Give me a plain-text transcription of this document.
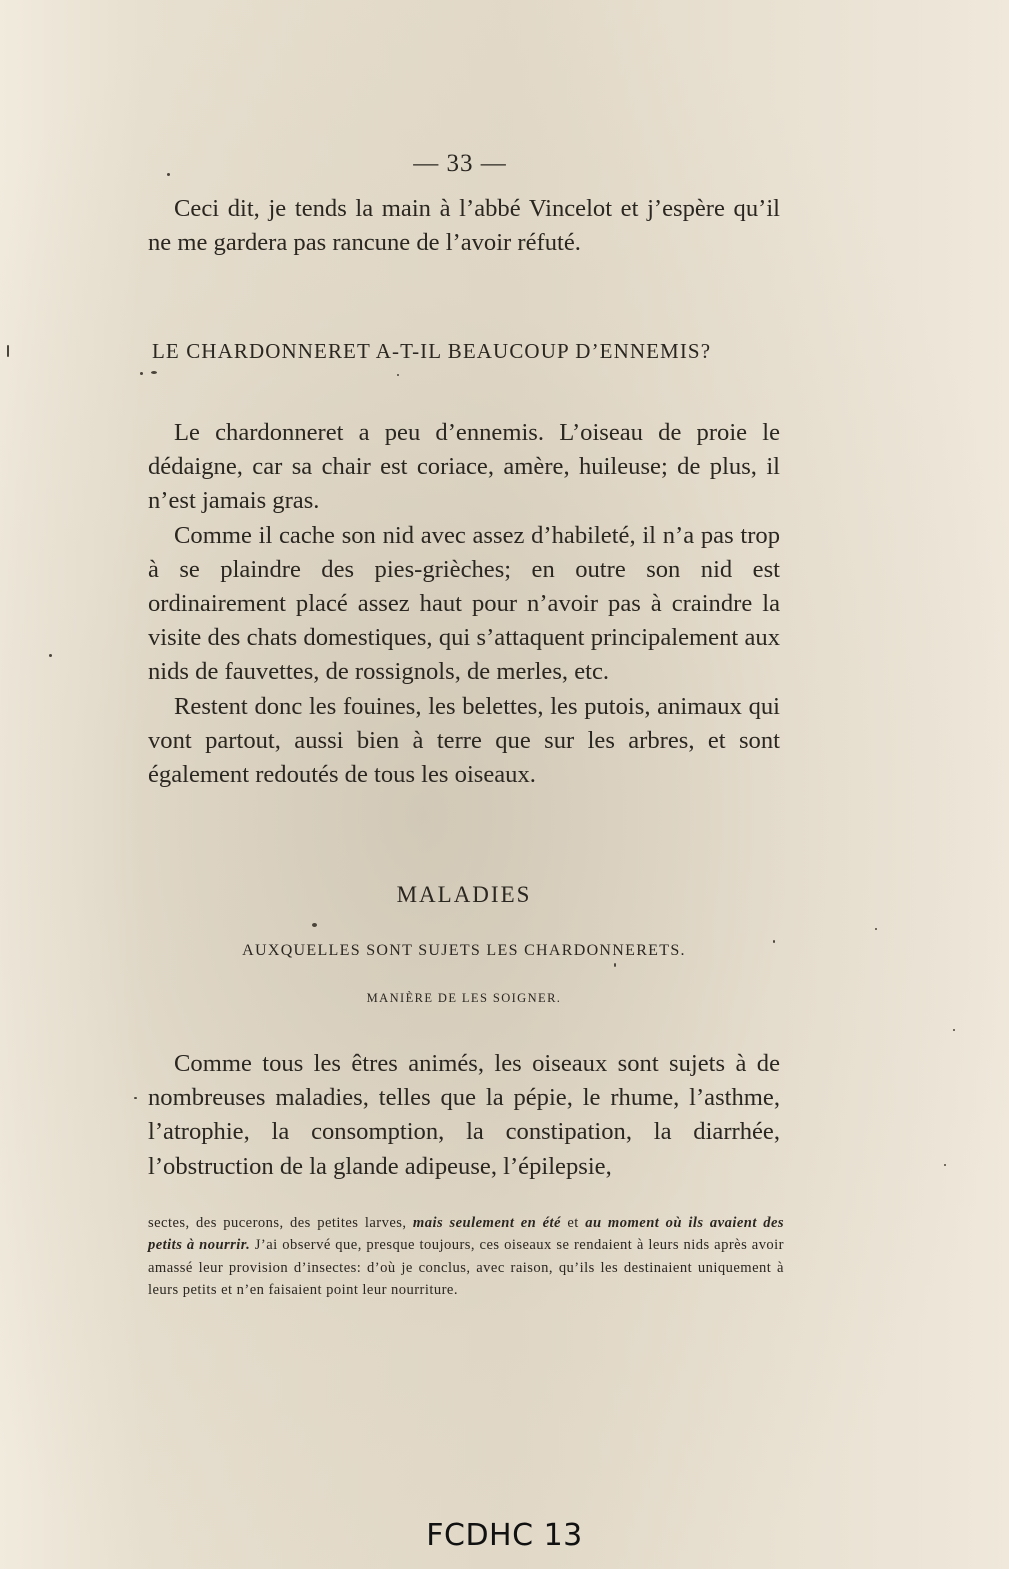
— 33 —

Ceci dit, je tends la main à l’abbé Vincelot et j’espère qu’il ne me gardera pas rancune de l’avoir réfuté.

LE CHARDONNERET A-T-IL BEAUCOUP D’ENNEMIS?

Le chardonneret a peu d’ennemis. L’oiseau de proie le dédaigne, car sa chair est coriace, amère, huileuse; de plus, il n’est jamais gras.

Comme il cache son nid avec assez d’habileté, il n’a pas trop à se plaindre des pies-grièches; en outre son nid est ordinairement placé assez haut pour n’avoir pas à craindre la visite des chats domestiques, qui s’attaquent principalement aux nids de fauvettes, de rossignols, de merles, etc.

Restent donc les fouines, les belettes, les putois, animaux qui vont partout, aussi bien à terre que sur les arbres, et sont également redoutés de tous les oiseaux.

MALADIES
AUXQUELLES SONT SUJETS LES CHARDONNERETS.
MANIÈRE DE LES SOIGNER.

Comme tous les êtres animés, les oiseaux sont sujets à de nombreuses maladies, telles que la pépie, le rhume, l’asthme, l’atrophie, la consomption, la constipation, la diarrhée, l’obstruction de la glande adipeuse, l’épilepsie,

sectes, des pucerons, des petites larves, mais seulement en été et au moment où ils avaient des petits à nourrir. J’ai observé que, presque toujours, ces oiseaux se rendaient à leurs nids après avoir amassé leur provision d’insectes: d’où je conclus, avec raison, qu’ils les destinaient uniquement à leurs petits et n’en faisaient point leur nourriture.
FCDHC 13
